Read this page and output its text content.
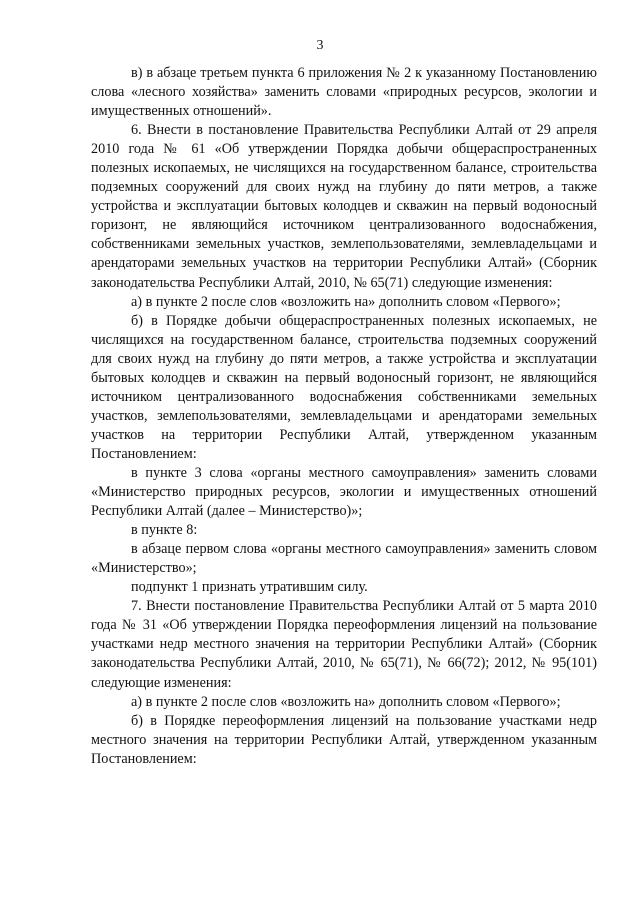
3

в) в абзаце третьем пункта 6 приложения № 2 к указанному Постановлению слова «лесного хозяйства» заменить словами «природных ресурсов, экологии и имущественных отношений».

6. Внести в постановление Правительства Республики Алтай от 29 апреля 2010 года № 61 «Об утверждении Порядка добычи общераспространенных полезных ископаемых, не числящихся на государственном балансе, строительства подземных сооружений для своих нужд на глубину до пяти метров, а также устройства и эксплуатации бытовых колодцев и скважин на первый водоносный горизонт, не являющийся источником централизованного водоснабжения, собственниками земельных участков, землепользователями, землевладельцами и арендаторами земельных участков на территории Республики Алтай» (Сборник законодательства Республики Алтай, 2010, № 65(71) следующие изменения:

а) в пункте 2 после слов «возложить на» дополнить словом «Первого»;

б) в Порядке добычи общераспространенных полезных ископаемых, не числящихся на государственном балансе, строительства подземных сооружений для своих нужд на глубину до пяти метров, а также устройства и эксплуатации бытовых колодцев и скважин на первый водоносный горизонт, не являющийся источником централизованного водоснабжения собственниками земельных участков, землепользователями, землевладельцами и арендаторами земельных участков на территории Республики Алтай, утвержденном указанным Постановлением:

в пункте 3 слова «органы местного самоуправления» заменить словами «Министерство природных ресурсов, экологии и имущественных отношений Республики Алтай (далее – Министерство)»;

в пункте 8:

в абзаце первом слова «органы местного самоуправления» заменить словом «Министерство»;

подпункт 1 признать утратившим силу.

7. Внести постановление Правительства Республики Алтай от 5 марта 2010 года № 31 «Об утверждении Порядка переоформления лицензий на пользование участками недр местного значения на территории Республики Алтай» (Сборник законодательства Республики Алтай, 2010, № 65(71), № 66(72); 2012, № 95(101) следующие изменения:

а) в пункте 2 после слов «возложить на» дополнить словом «Первого»;

б) в Порядке переоформления лицензий на пользование участками недр местного значения на территории Республики Алтай, утвержденном указанным Постановлением:
